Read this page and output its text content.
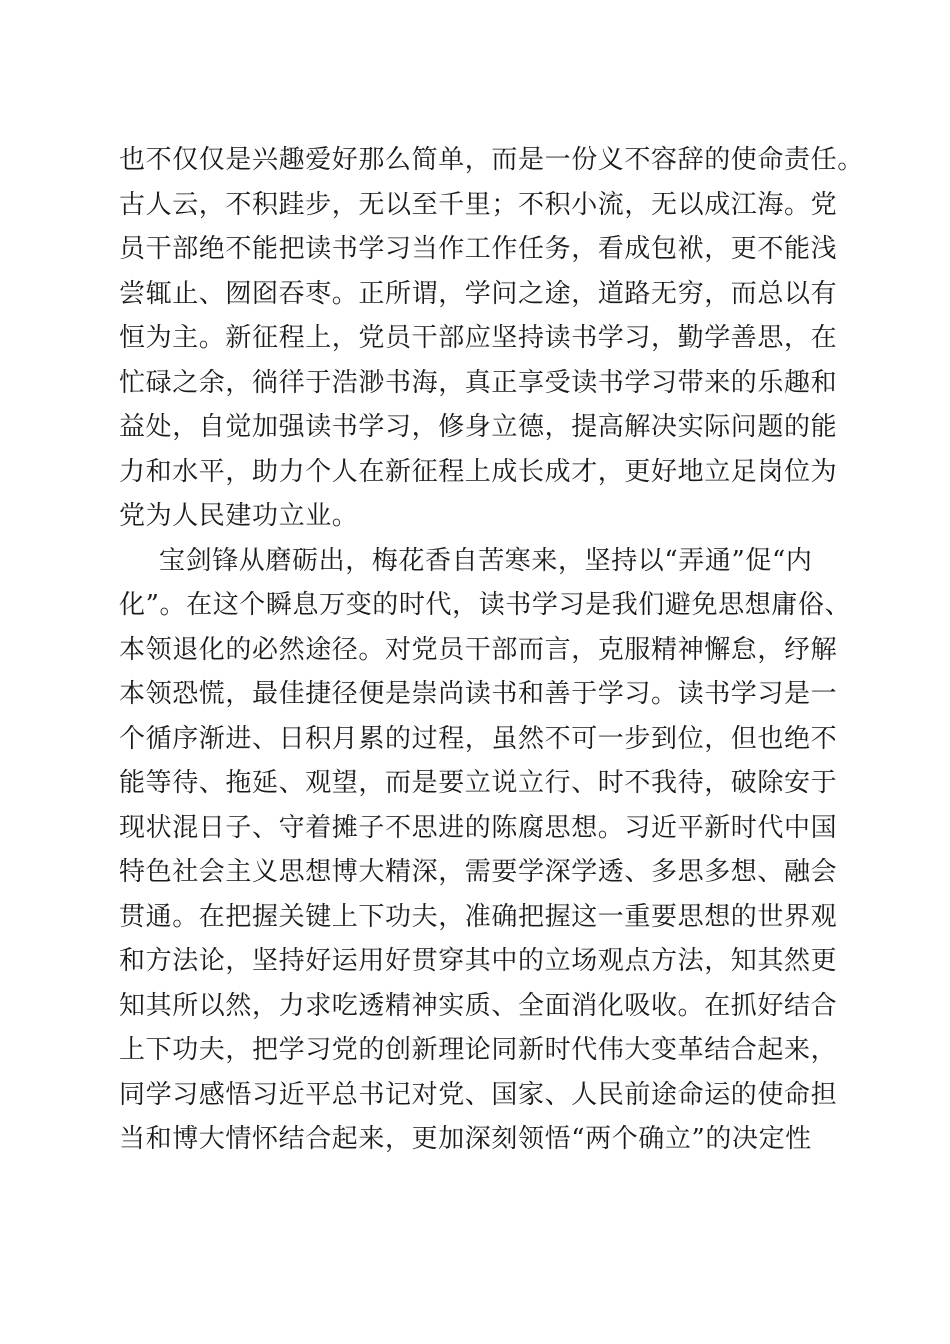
也不仅仅是兴趣爱好那么简单，而是一份义不容辞的使命责任。
古人云，不积跬步，无以至千里；不积小流，无以成江海。党
员干部绝不能把读书学习当作工作任务，看成包袱，更不能浅
尝辄止、囫囵吞枣。正所谓，学问之途，道路无穷，而总以有
恒为主。新征程上，党员干部应坚持读书学习，勤学善思，在
忙碌之余，徜徉于浩渺书海，真正享受读书学习带来的乐趣和
益处，自觉加强读书学习，修身立德，提高解决实际问题的能
力和水平，助力个人在新征程上成长成才，更好地立足岗位为
党为人民建功立业。
宝剑锋从磨砺出，梅花香自苦寒来，坚持以“弄通”促“内
化”。在这个瞬息万变的时代，读书学习是我们避免思想庸俗、
本领退化的必然途径。对党员干部而言，克服精神懈怠，纾解
本领恐慌，最佳捷径便是崇尚读书和善于学习。读书学习是一
个循序渐进、日积月累的过程，虽然不可一步到位，但也绝不
能等待、拖延、观望，而是要立说立行、时不我待，破除安于
现状混日子、守着摊子不思进的陈腐思想。习近平新时代中国
特色社会主义思想博大精深，需要学深学透、多思多想、融会
贯通。在把握关键上下功夫，准确把握这一重要思想的世界观
和方法论，坚持好运用好贯穿其中的立场观点方法，知其然更
知其所以然，力求吃透精神实质、全面消化吸收。在抓好结合
上下功夫，把学习党的创新理论同新时代伟大变革结合起来，
同学习感悟习近平总书记对党、国家、人民前途命运的使命担
当和博大情怀结合起来，更加深刻领悟“两个确立”的决定性
